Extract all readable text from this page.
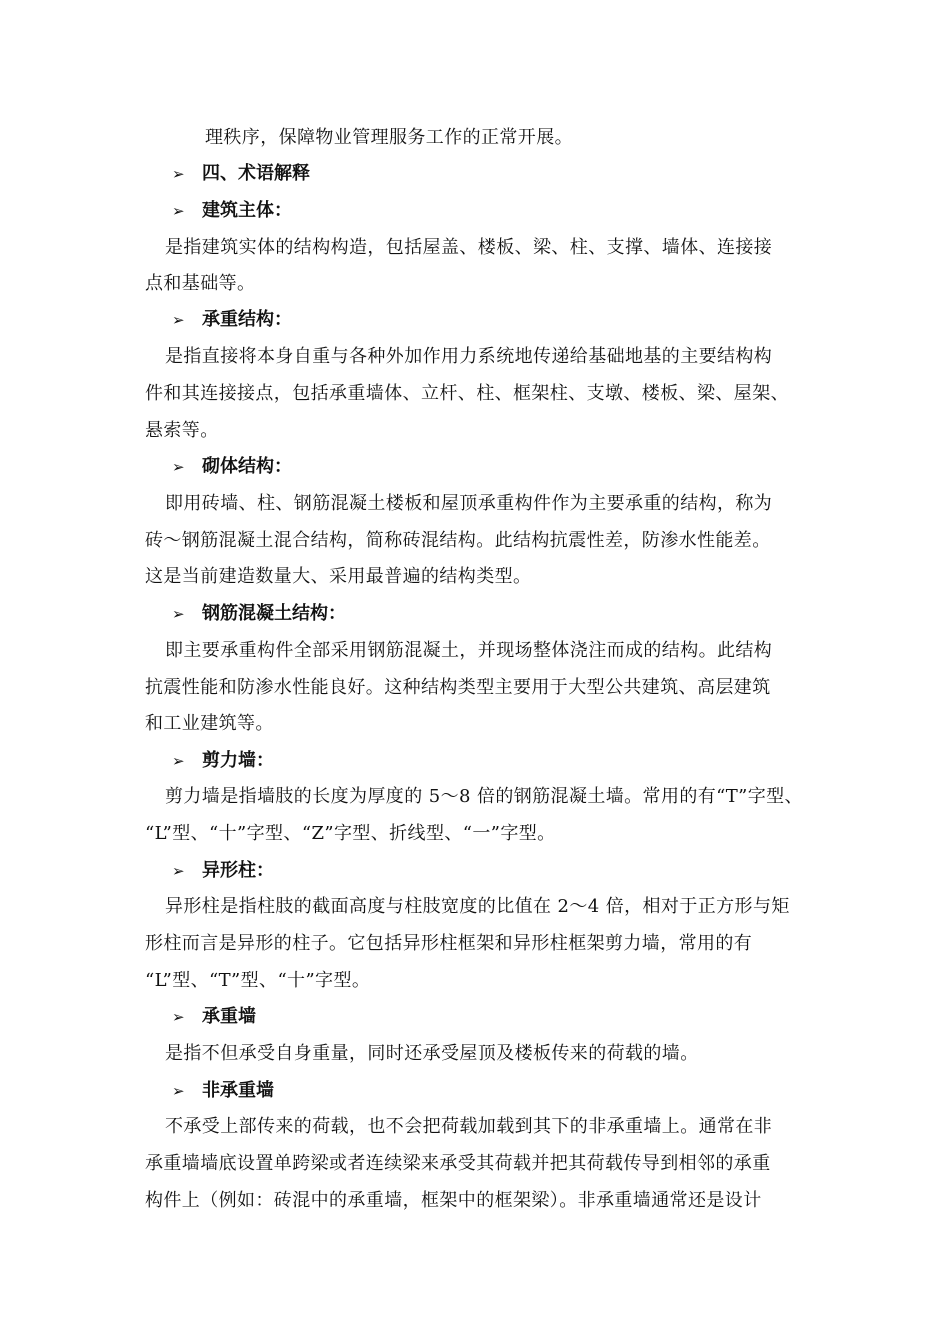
理秩序，保障物业管理服务工作的正常开展。
➢ 四、术语解释
➢ 建筑主体：
是指建筑实体的结构构造，包括屋盖、楼板、梁、柱、支撑、墙体、连接接
点和基础等。
➢ 承重结构：
是指直接将本身自重与各种外加作用力系统地传递给基础地基的主要结构构
件和其连接接点，包括承重墙体、立杆、柱、框架柱、支墩、楼板、梁、屋架、
悬索等。
➢ 砌体结构：
即用砖墙、柱、钢筋混凝土楼板和屋顶承重构件作为主要承重的结构，称为
砖～钢筋混凝土混合结构，简称砖混结构。此结构抗震性差，防渗水性能差。
这是当前建造数量大、采用最普遍的结构类型。
➢ 钢筋混凝土结构：
即主要承重构件全部采用钢筋混凝土，并现场整体浇注而成的结构。此结构
抗震性能和防渗水性能良好。这种结构类型主要用于大型公共建筑、高层建筑
和工业建筑等。
➢ 剪力墙：
剪力墙是指墙肢的长度为厚度的 5～8 倍的钢筋混凝土墙。常用的有“T”字型、
“L”型、“十”字型、“Z”字型、折线型、“一”字型。
➢ 异形柱：
异形柱是指柱肢的截面高度与柱肢宽度的比值在 2～4 倍，相对于正方形与矩
形柱而言是异形的柱子。它包括异形柱框架和异形柱框架剪力墙，常用的有
“L”型、“T”型、“十”字型。
➢ 承重墙
是指不但承受自身重量，同时还承受屋顶及楼板传来的荷载的墙。
➢ 非承重墙
不承受上部传来的荷载，也不会把荷载加载到其下的非承重墙上。通常在非
承重墙墙底设置单跨梁或者连续梁来承受其荷载并把其荷载传导到相邻的承重
构件上（例如：砖混中的承重墙，框架中的框架梁）。非承重墙通常还是设计
